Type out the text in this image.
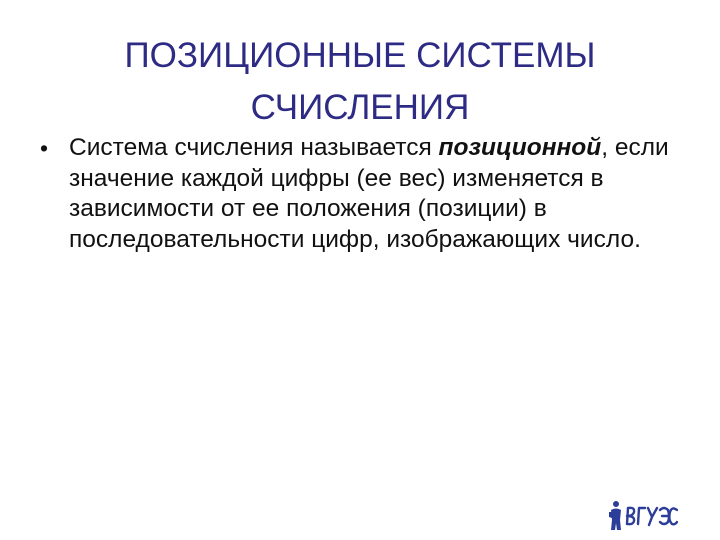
ПОЗИЦИОННЫЕ СИСТЕМЫ
СЧИСЛЕНИЯ
• Система счисления называется позиционной, если значение каждой цифры (ее вес) изменяется в зависимости от ее положения (позиции) в последовательности цифр, изображающих число.
